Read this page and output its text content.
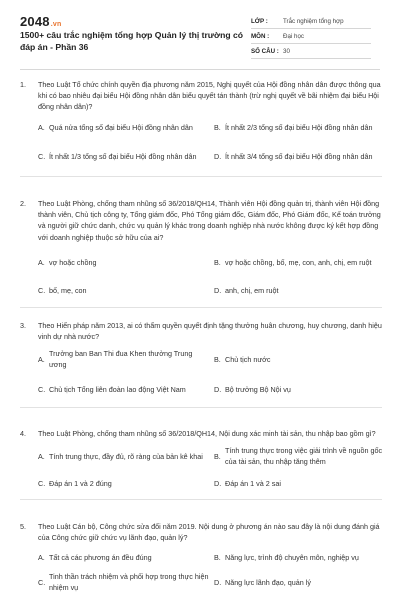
2048.vn
1500+ câu trắc nghiệm tổng hợp Quản lý thị trường có đáp án - Phần 36
LỚP :	Trắc nghiệm tổng hợp
MÔN :	Đại học
SỐ CÂU : 30
1.	Theo Luật Tổ chức chính quyền địa phương năm 2015, Nghị quyết của Hội đồng nhân dân được thông qua khi có bao nhiêu đại biểu Hội đồng nhân dân biểu quyết tán thành (trừ nghị quyết về bãi nhiệm đại biểu Hội đồng nhân dân)?
A. Quá nửa tổng số đại biểu Hội đồng nhân dân	B. Ít nhất 2/3 tổng số đại biểu Hội đồng nhân dân
C. Ít nhất 1/3 tổng số đại biểu Hội đồng nhân dân	D. Ít nhất 3/4 tổng số đại biểu Hội đồng nhân dân
2.	Theo Luật Phòng, chống tham nhũng số 36/2018/QH14, Thành viên Hội đồng quản trị, thành viên Hội đồng thành viên, Chủ tịch công ty, Tổng giám đốc, Phó Tổng giám đốc, Giám đốc, Phó Giám đốc, Kế toán trưởng và người giữ chức danh, chức vụ quản lý khác trong doanh nghiệp nhà nước không được ký kết hợp đồng với doanh nghiệp thuộc sở hữu của ai?
A. vợ hoặc chồng	B. vợ hoặc chồng, bố, mẹ, con, anh, chị, em ruột
C. bố, mẹ, con	D. anh, chị, em ruột
3.	Theo Hiến pháp năm 2013, ai có thẩm quyền quyết định tặng thưởng huân chương, huy chương, danh hiệu vinh dự nhà nước?
A.
Trưởng ban Ban Thi đua Khen thưởng Trung ương
B. Chủ tịch nước
C. Chủ tịch Tổng liên đoàn lao động Việt Nam	D. Bộ trưởng Bộ Nội vụ
4.	Theo Luật Phòng, chống tham nhũng số 36/2018/QH14, Nội dung xác minh tài sản, thu nhập bao gồm gì?
A. Tính trung thực, đầy đủ, rõ ràng của bản kê khai	B.
Tính trung thực trong việc giải trình về nguồn gốc của tài sản, thu nhập tăng thêm
C. Đáp án 1 và 2 đúng	D. Đáp án 1 và 2 sai
5.	Theo Luật Cán bộ, Công chức sửa đổi năm 2019. Nội dung ở phương án nào sau đây là nội dung đánh giá của Công chức giữ chức vụ lãnh đạo, quản lý?
A. Tất cả các phương án đều đúng	B. Năng lực, trình độ chuyên môn, nghiệp vụ
C.
Tinh thần trách nhiệm và phối hợp trong thực hiện nhiệm vụ
D. Năng lực lãnh đạo, quản lý
